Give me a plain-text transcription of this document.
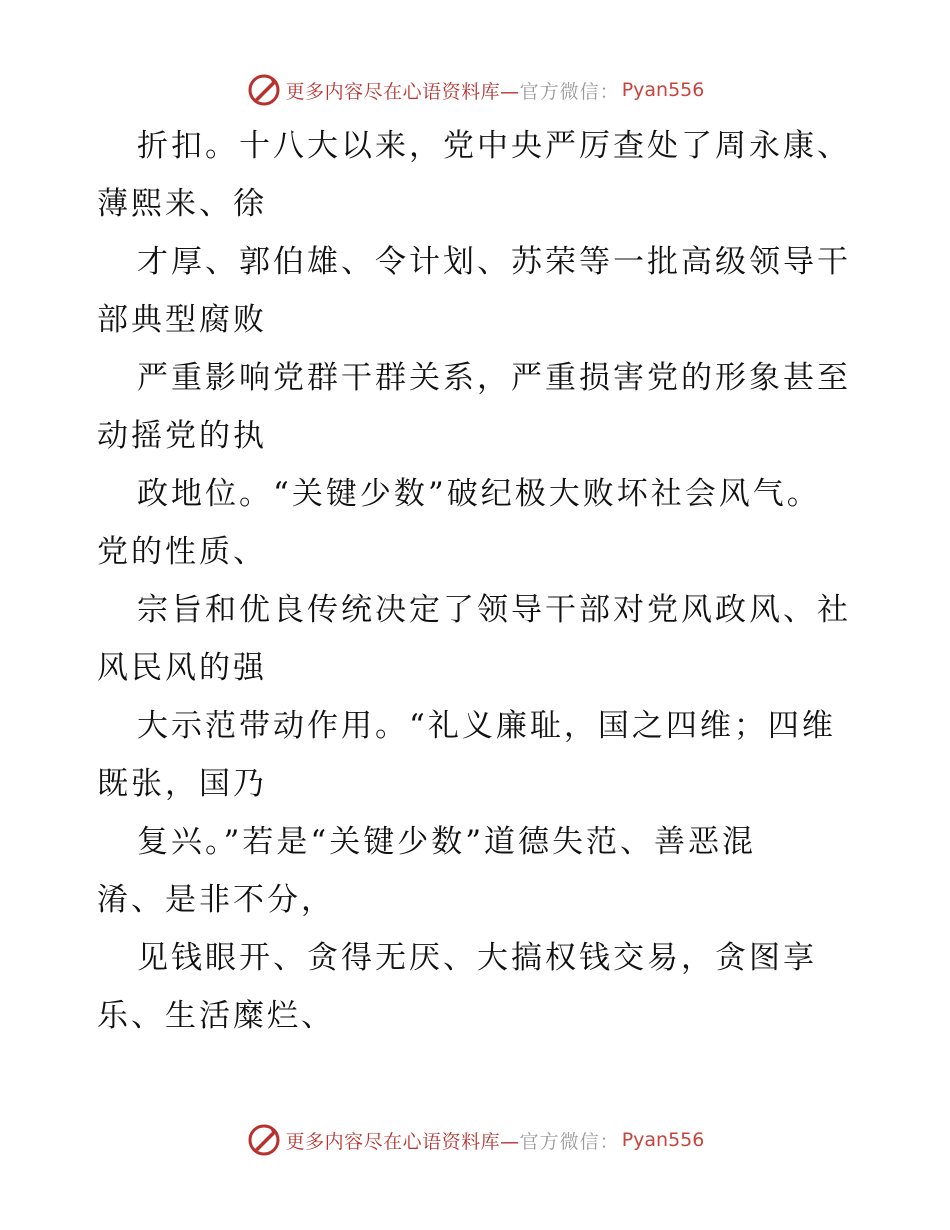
更多内容尽在心语资料库— 官方微信： Pyan556

折扣。十八大以来，党中央严厉查处了周永康、
薄熙来、徐

才厚、郭伯雄、令计划、苏荣等一批高级领导干
部典型腐败

严重影响党群干群关系，严重损害党的形象甚至
动摇党的执

政地位。“关键少数”破纪极大败坏社会风气。
党的性质、

宗旨和优良传统决定了领导干部对党风政风、社
风民风的强

大示范带动作用。“礼义廉耻，国之四维；四维
既张，国乃

复兴。”若是“关键少数”道德失范、善恶混
淆、是非不分，

见钱眼开、贪得无厌、大搞权钱交易，贪图享
乐、生活糜烂、

更多内容尽在心语资料库— 官方微信： Pyan556
